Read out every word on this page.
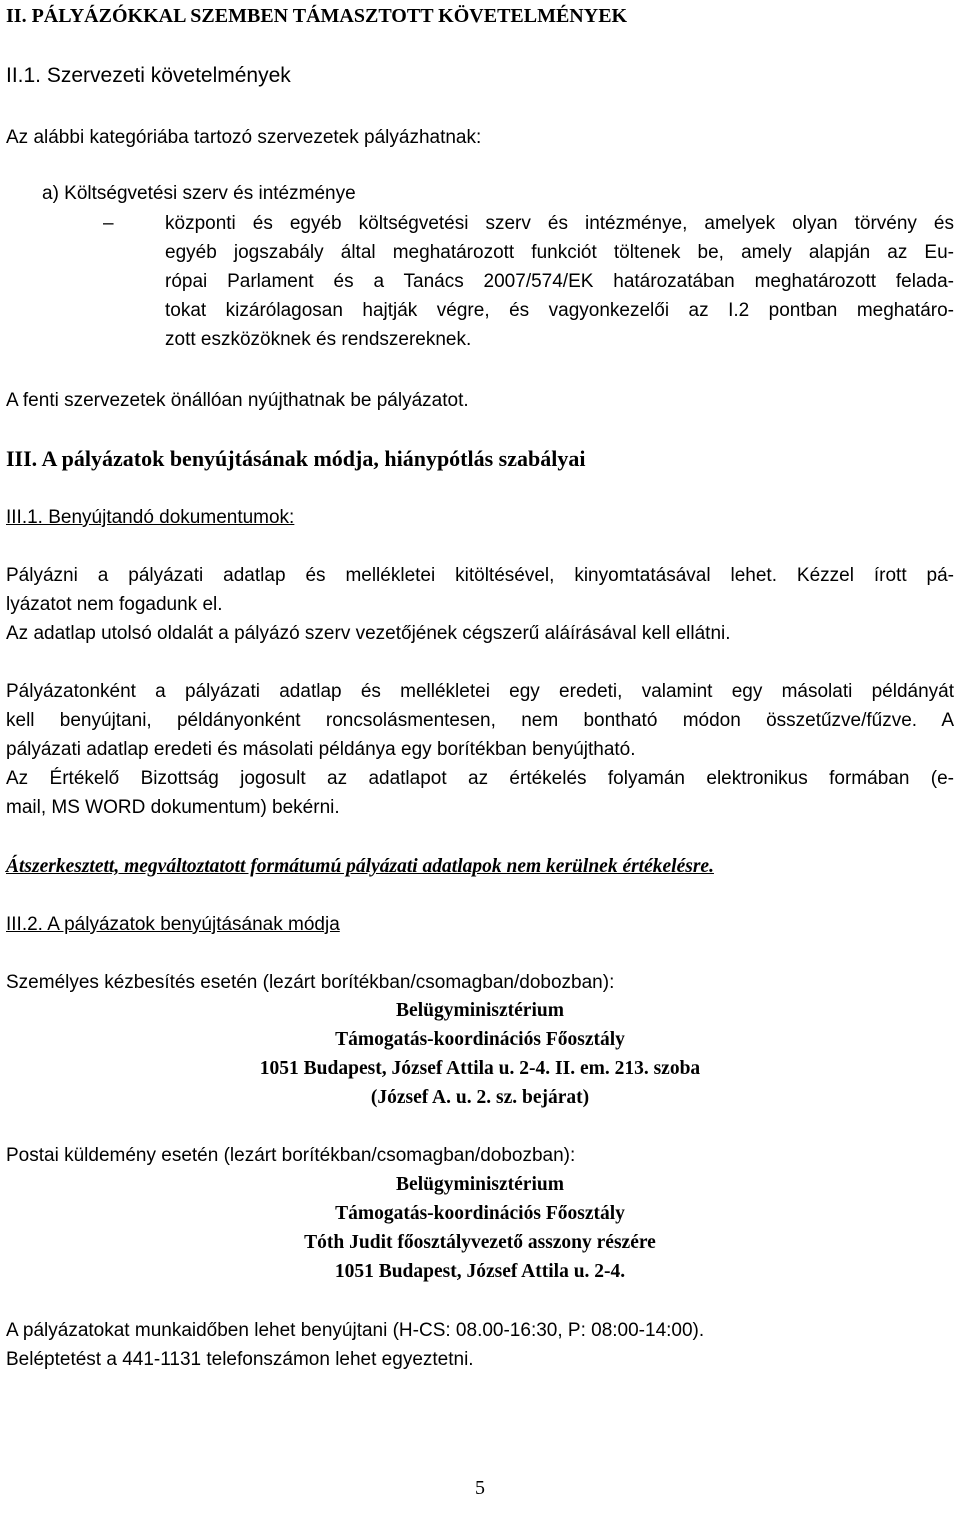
II. PÁLYÁZÓKKAL SZEMBEN TÁMASZTOTT KÖVETELMÉNYEK
II.1. Szervezeti követelmények
Az alábbi kategóriába tartozó szervezetek pályázhatnak:
a) Költségvetési szerv és intézménye
–	központi és egyéb költségvetési szerv és intézménye, amelyek olyan törvény és
egyéb jogszabály által meghatározott funkciót töltenek be, amely alapján az Eu-
rópai Parlament és a Tanács 2007/574/EK határozatában meghatározott felada-
tokat kizárólagosan hajtják végre, és vagyonkezelői az I.2 pontban meghatáro-
zott eszközöknek és rendszereknek.
A fenti szervezetek önállóan nyújthatnak be pályázatot.
III. A pályázatok benyújtásának módja, hiánypótlás szabályai
III.1. Benyújtandó dokumentumok:
Pályázni a pályázati adatlap és mellékletei kitöltésével, kinyomtatásával lehet. Kézzel írott pá-
lyázatot nem fogadunk el.
Az adatlap utolsó oldalát a pályázó szerv vezetőjének cégszerű aláírásával kell ellátni.
Pályázatonként a pályázati adatlap és mellékletei egy eredeti, valamint egy másolati példányát
kell benyújtani, példányonként roncsolásmentesen, nem bontható módon összetűzve/fűzve. A
pályázati adatlap eredeti és másolati példánya egy borítékban benyújtható.
Az Értékelő Bizottság jogosult az adatlapot az értékelés folyamán elektronikus formában (e-
mail, MS WORD dokumentum) bekérni.
Átszerkesztett, megváltoztatott formátumú pályázati adatlapok nem kerülnek értékelésre.
III.2. A pályázatok benyújtásának módja
Személyes kézbesítés esetén (lezárt borítékban/csomagban/dobozban):
Belügyminisztérium
Támogatás-koordinációs Főosztály
1051 Budapest, József Attila u. 2-4. II. em. 213. szoba
(József A. u. 2. sz. bejárat)
Postai küldemény esetén (lezárt borítékban/csomagban/dobozban):
Belügyminisztérium
Támogatás-koordinációs Főosztály
Tóth Judit főosztályvezető asszony részére
1051 Budapest, József Attila u. 2-4.
A pályázatokat munkaidőben lehet benyújtani (H-CS: 08.00-16:30, P: 08:00-14:00).
Beléptetést a 441-1131 telefonszámon lehet egyeztetni.
5
